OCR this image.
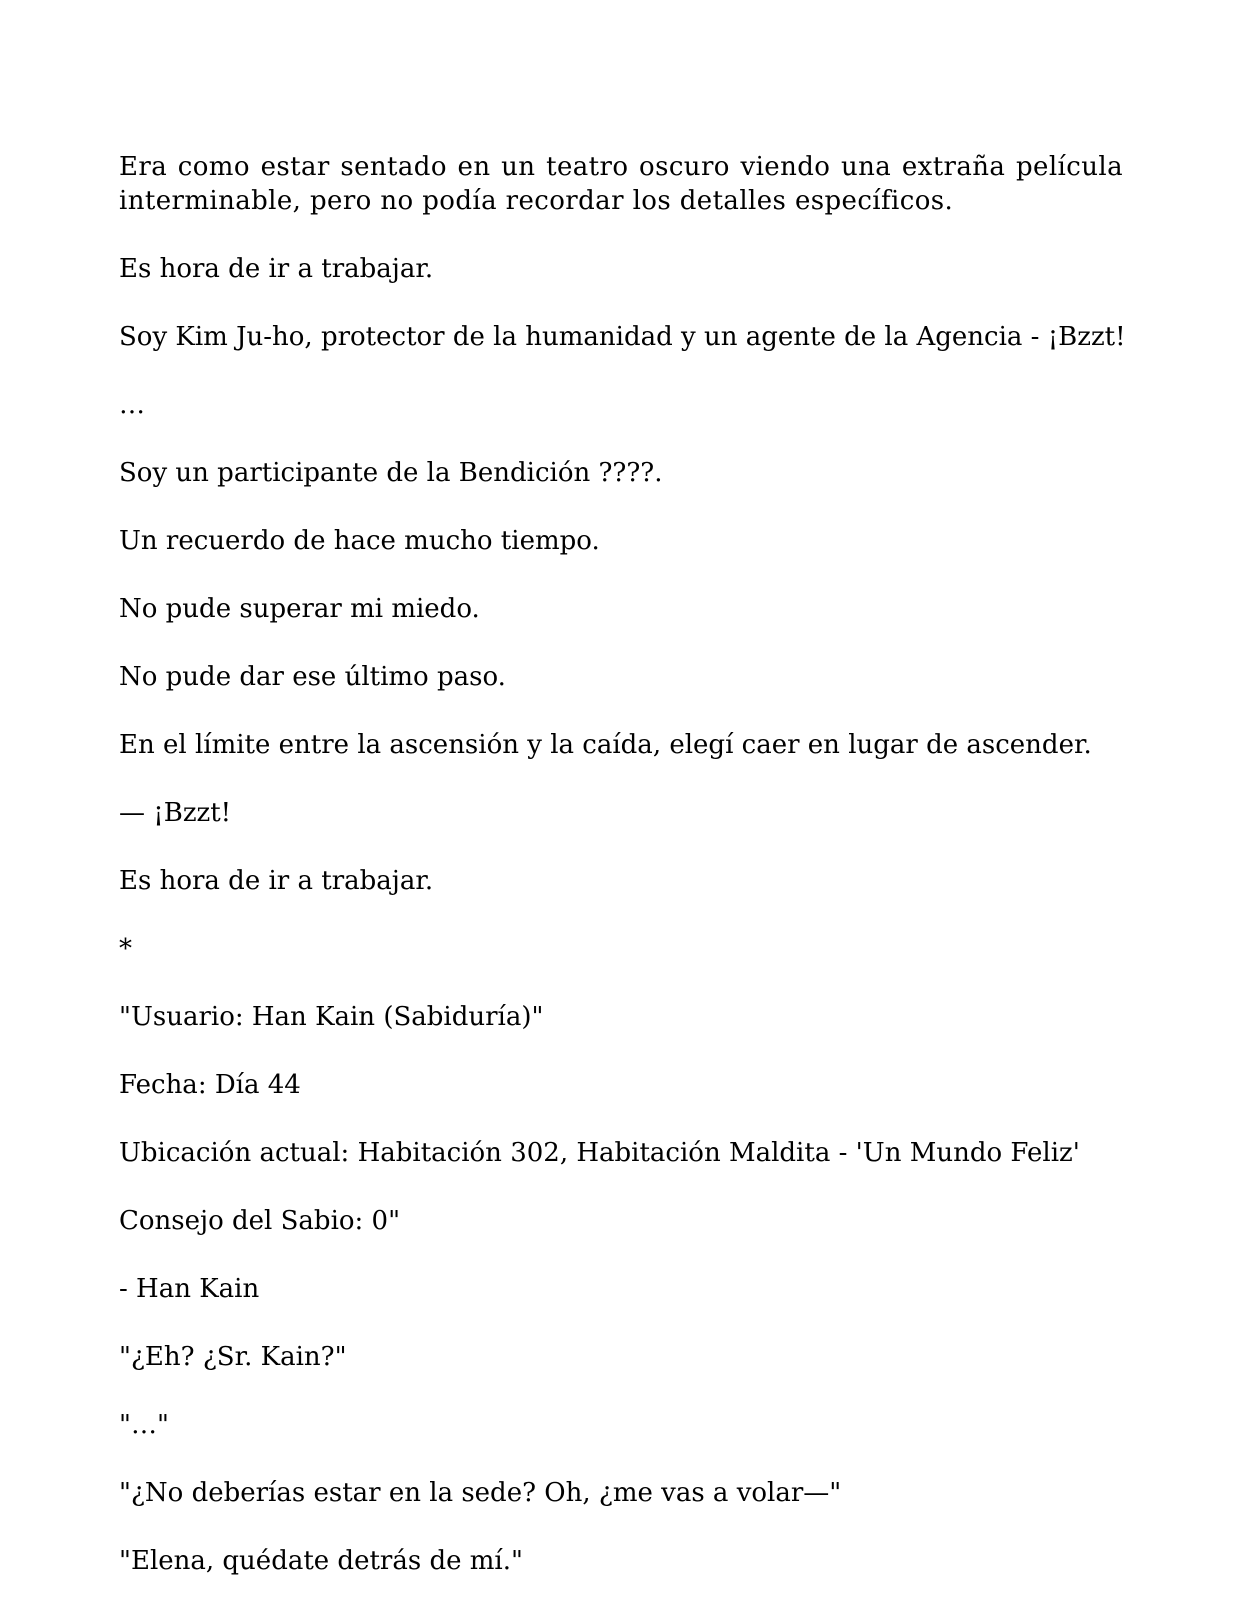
Era como estar sentado en un teatro oscuro viendo una extraña película interminable, pero no podía recordar los detalles específicos.

Es hora de ir a trabajar.

Soy Kim Ju-ho, protector de la humanidad y un agente de la Agencia - ¡Bzzt!

…

Soy un participante de la Bendición ????.

Un recuerdo de hace mucho tiempo.

No pude superar mi miedo.

No pude dar ese último paso.

En el límite entre la ascensión y la caída, elegí caer en lugar de ascender.

— ¡Bzzt!

Es hora de ir a trabajar.

*

"Usuario: Han Kain (Sabiduría)"

Fecha: Día 44

Ubicación actual: Habitación 302, Habitación Maldita - 'Un Mundo Feliz'

Consejo del Sabio: 0"

- Han Kain

"¿Eh? ¿Sr. Kain?"

"…"

"¿No deberías estar en la sede? Oh, ¿me vas a volar—"

"Elena, quédate detrás de mí."
